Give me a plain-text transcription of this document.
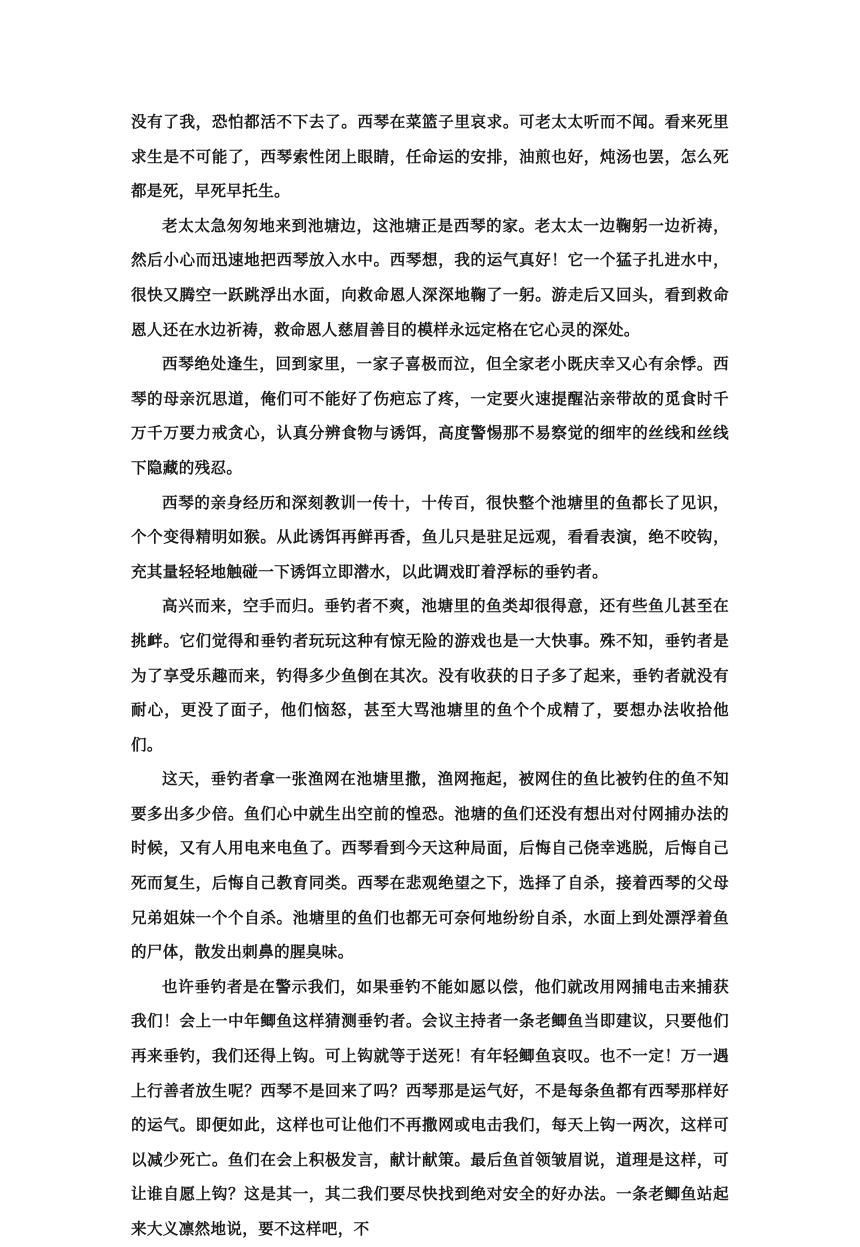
没有了我，恐怕都活不下去了。西琴在菜篮子里哀求。可老太太听而不闻。看来死里求生是不可能了，西琴索性闭上眼睛，任命运的安排，油煎也好，炖汤也罢，怎么死都是死，早死早托生。

老太太急匆匆地来到池塘边，这池塘正是西琴的家。老太太一边鞠躬一边祈祷，然后小心而迅速地把西琴放入水中。西琴想，我的运气真好！它一个猛子扎进水中，很快又腾空一跃跳浮出水面，向救命恩人深深地鞠了一躬。游走后又回头，看到救命恩人还在水边祈祷，救命恩人慈眉善目的模样永远定格在它心灵的深处。

西琴绝处逢生，回到家里，一家子喜极而泣，但全家老小既庆幸又心有余悸。西琴的母亲沉思道，俺们可不能好了伤疤忘了疼，一定要火速提醒沾亲带故的觅食时千万千万要力戒贪心，认真分辨食物与诱饵，高度警惕那不易察觉的细牢的丝线和丝线下隐藏的残忍。

西琴的亲身经历和深刻教训一传十，十传百，很快整个池塘里的鱼都长了见识，个个变得精明如猴。从此诱饵再鲜再香，鱼儿只是驻足远观，看看表演，绝不咬钩，充其量轻轻地触碰一下诱饵立即潜水，以此调戏盯着浮标的垂钓者。

高兴而来，空手而归。垂钓者不爽，池塘里的鱼类却很得意，还有些鱼儿甚至在挑衅。它们觉得和垂钓者玩玩这种有惊无险的游戏也是一大快事。殊不知，垂钓者是为了享受乐趣而来，钓得多少鱼倒在其次。没有收获的日子多了起来，垂钓者就没有耐心，更没了面子，他们恼怒，甚至大骂池塘里的鱼个个成精了，要想办法收拾他们。

这天，垂钓者拿一张渔网在池塘里撒，渔网拖起，被网住的鱼比被钓住的鱼不知要多出多少倍。鱼们心中就生出空前的惶恐。池塘的鱼们还没有想出对付网捕办法的时候，又有人用电来电鱼了。西琴看到今天这种局面，后悔自己侥幸逃脱，后悔自己死而复生，后悔自己教育同类。西琴在悲观绝望之下，选择了自杀，接着西琴的父母兄弟姐妹一个个自杀。池塘里的鱼们也都无可奈何地纷纷自杀，水面上到处漂浮着鱼的尸体，散发出刺鼻的腥臭味。

也许垂钓者是在警示我们，如果垂钓不能如愿以偿，他们就改用网捕电击来捕获我们！会上一中年鲫鱼这样猜测垂钓者。会议主持者一条老鲫鱼当即建议，只要他们再来垂钓，我们还得上钩。可上钩就等于送死！有年轻鲫鱼哀叹。也不一定！万一遇上行善者放生呢？西琴不是回来了吗？西琴那是运气好，不是每条鱼都有西琴那样好的运气。即便如此，这样也可让他们不再撒网或电击我们，每天上钩一两次，这样可以减少死亡。鱼们在会上积极发言，献计献策。最后鱼首领皱眉说，道理是这样，可让谁自愿上钩？这是其一，其二我们要尽快找到绝对安全的好办法。一条老鲫鱼站起来大义凛然地说，要不这样吧，不
